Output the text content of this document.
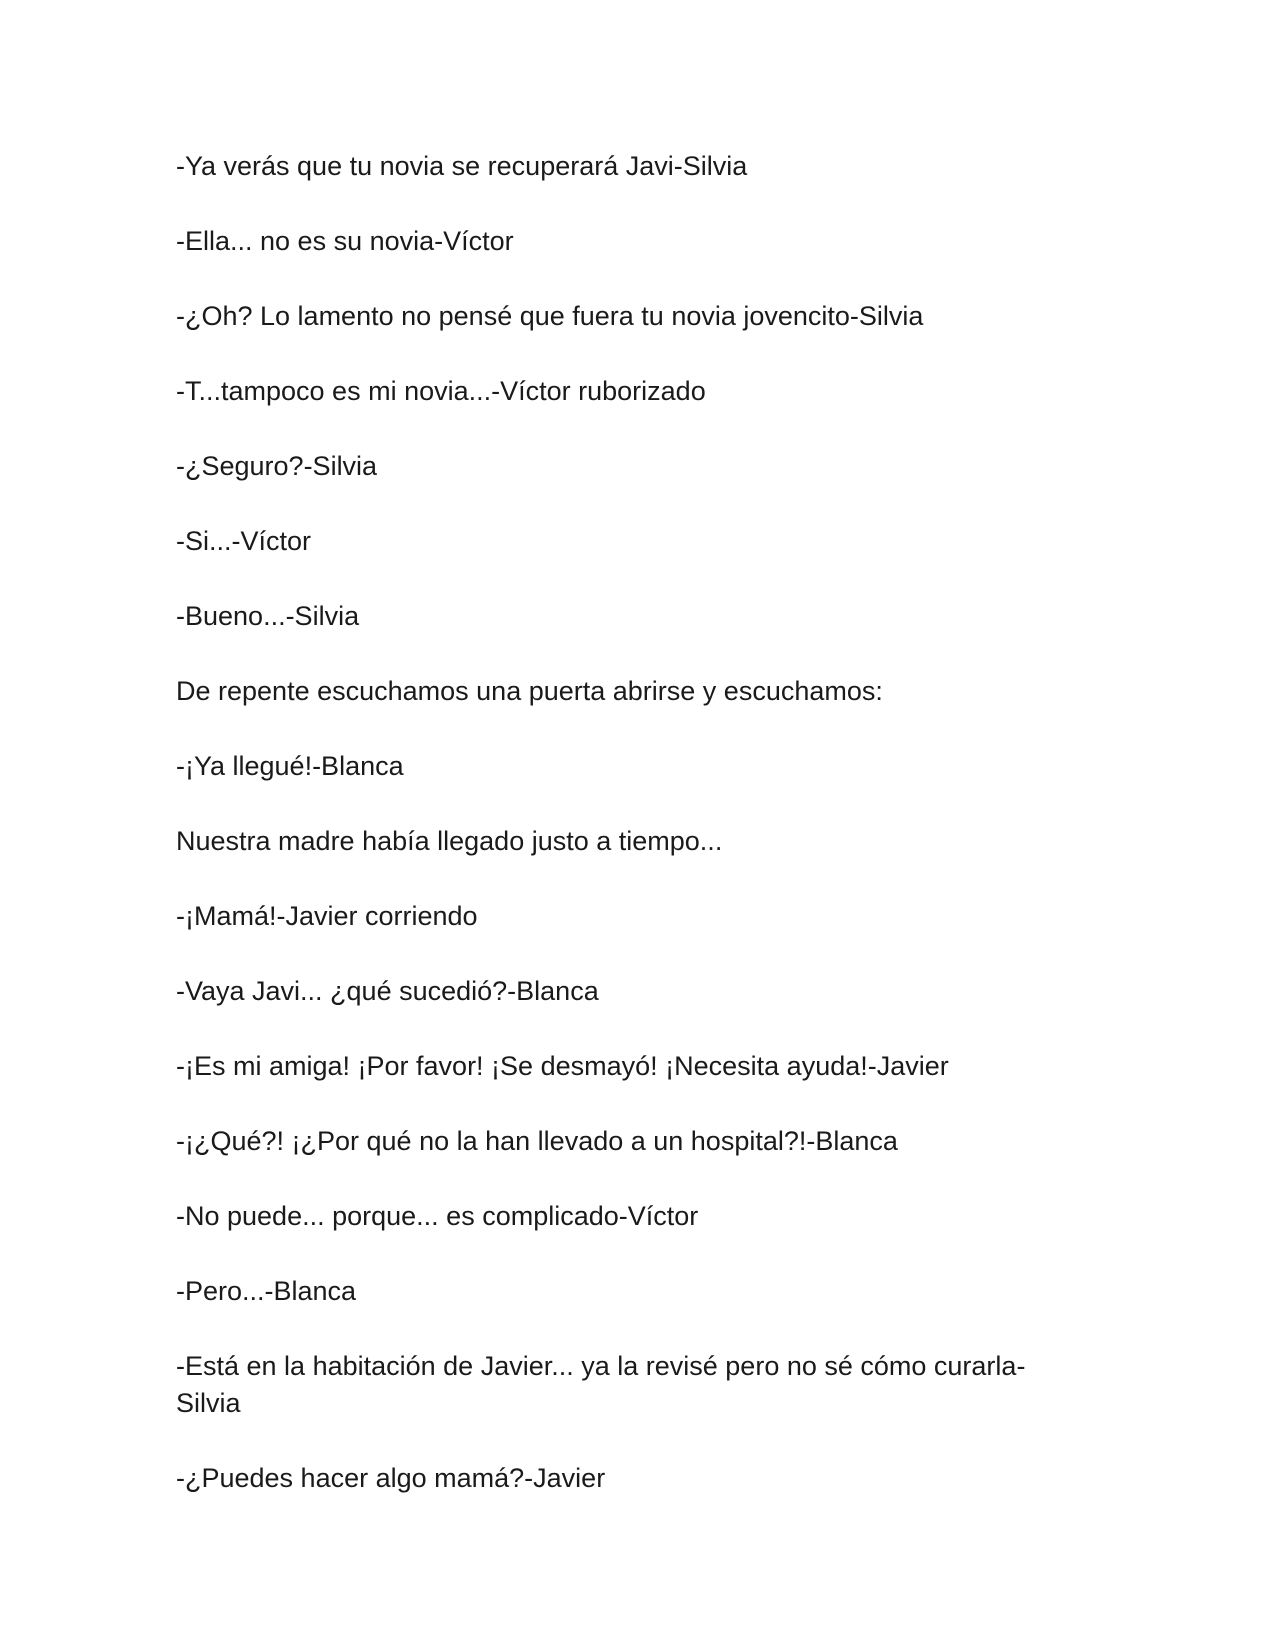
-Ya verás que tu novia se recuperará Javi-Silvia

-Ella... no es su novia-Víctor

-¿Oh? Lo lamento no pensé que fuera tu novia jovencito-Silvia

-T...tampoco es mi novia...-Víctor ruborizado

-¿Seguro?-Silvia

-Si...-Víctor

-Bueno...-Silvia

De repente escuchamos una puerta abrirse y escuchamos:

-¡Ya llegué!-Blanca

Nuestra madre había llegado justo a tiempo...

-¡Mamá!-Javier corriendo

-Vaya Javi... ¿qué sucedió?-Blanca

-¡Es mi amiga! ¡Por favor! ¡Se desmayó! ¡Necesita ayuda!-Javier

-¡¿Qué?! ¡¿Por qué no la han llevado a un hospital?!-Blanca

-No puede... porque... es complicado-Víctor

-Pero...-Blanca

-Está en la habitación de Javier... ya la revisé pero no sé cómo curarla-
Silvia

-¿Puedes hacer algo mamá?-Javier
